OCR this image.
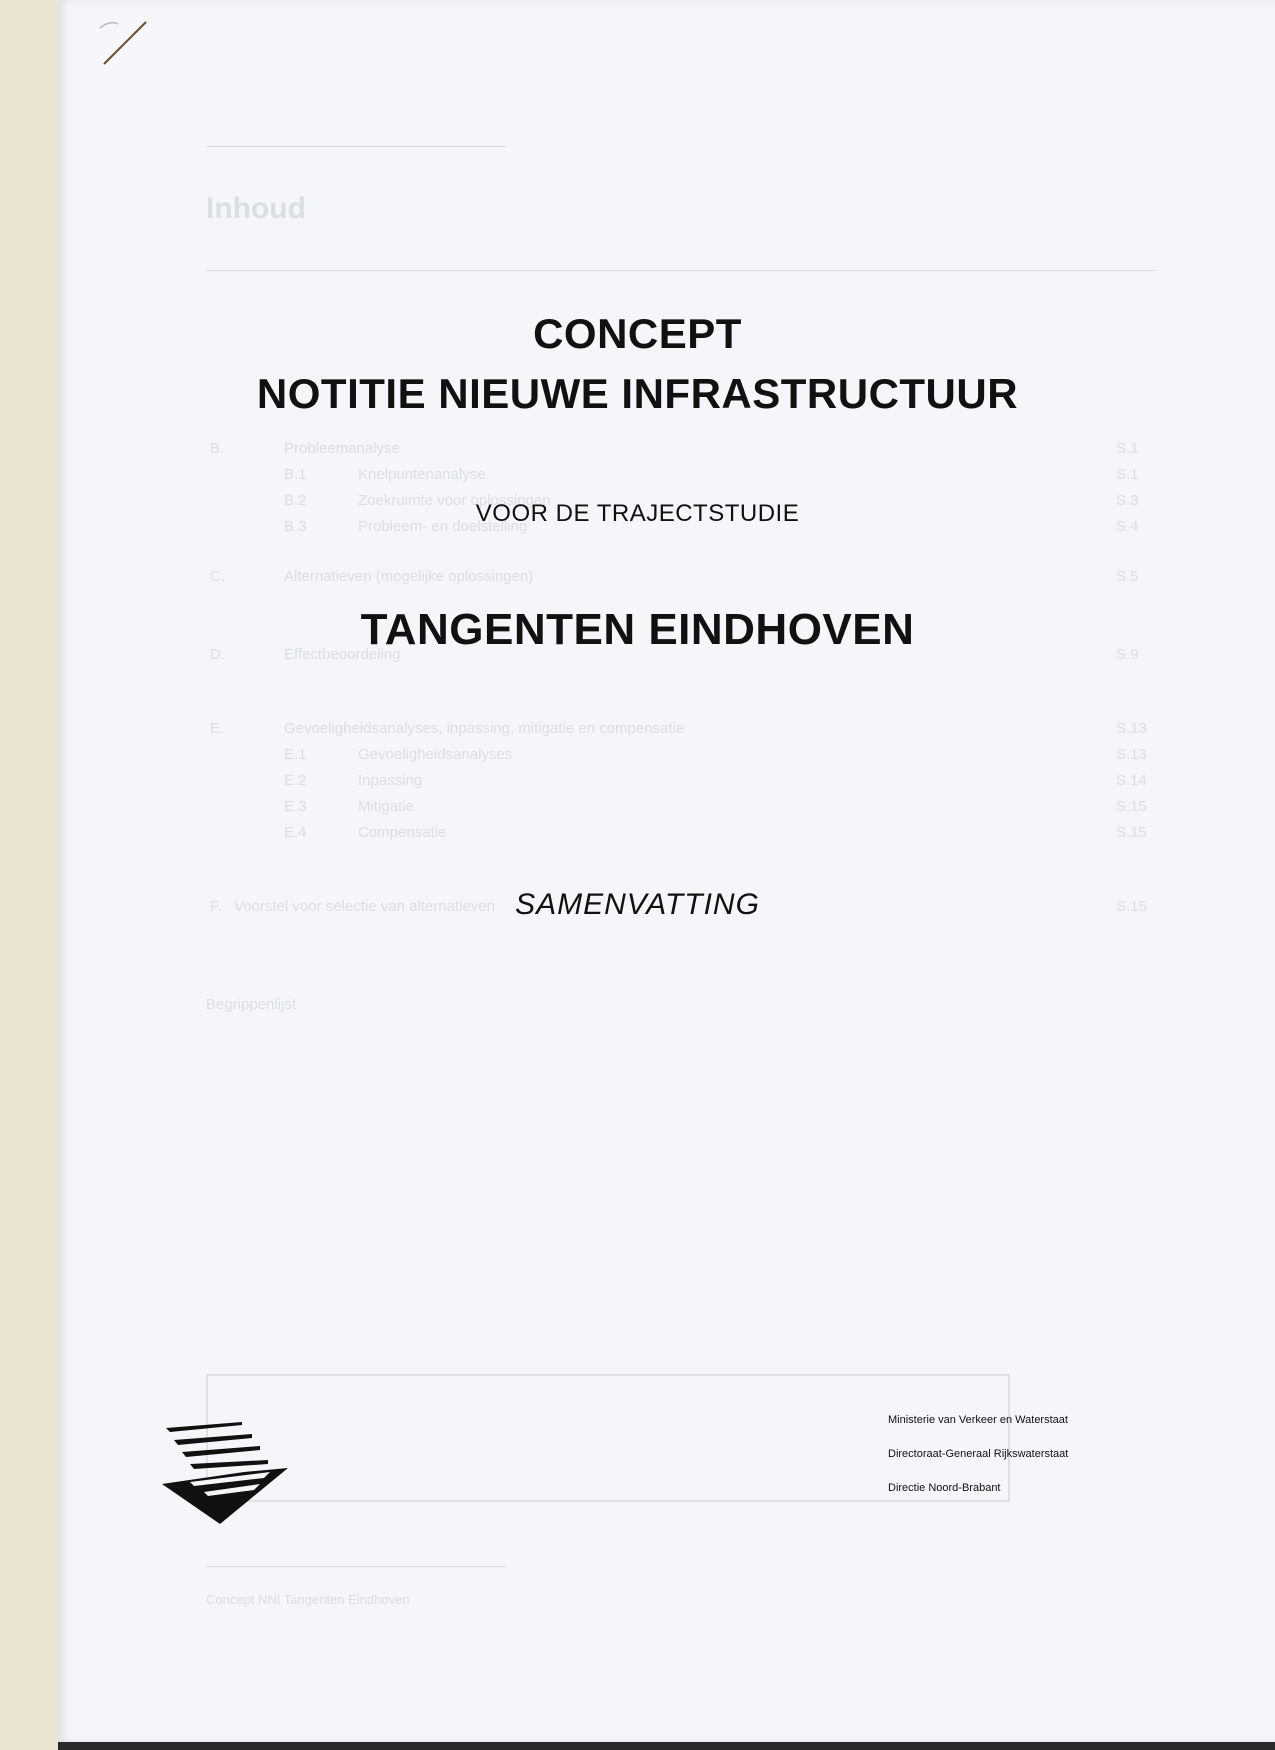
Inhoud
B.	Probleemanalyse	S.1
B.1	Knelpuntenanalyse	S.1
B.2	Zoekruimte voor oplossingen	S.3
B.3	Probleem- en doelstelling	S.4
C.	Alternatieven (mogelijke oplossingen)	S.5
D.	Effectbeoordeling	S.9
E.	Gevoeligheidsanalyses, inpassing, mitigatie en compensatie	S.13
E.1	Gevoeligheidsanalyses	S.13
E.2	Inpassing	S.14
E.3	Mitigatie	S.15
E.4	Compensatie	S.15
F. Voorstel voor selectie van alternatieven	S.15
Begrippenlijst
Concept NNI Tangenten Eindhoven
CONCEPT
NOTITIE NIEUWE INFRASTRUCTUUR
VOOR DE TRAJECTSTUDIE
TANGENTEN EINDHOVEN
SAMENVATTING
Ministerie van Verkeer en Waterstaat
Directoraat-Generaal Rijkswaterstaat
Directie Noord-Brabant
